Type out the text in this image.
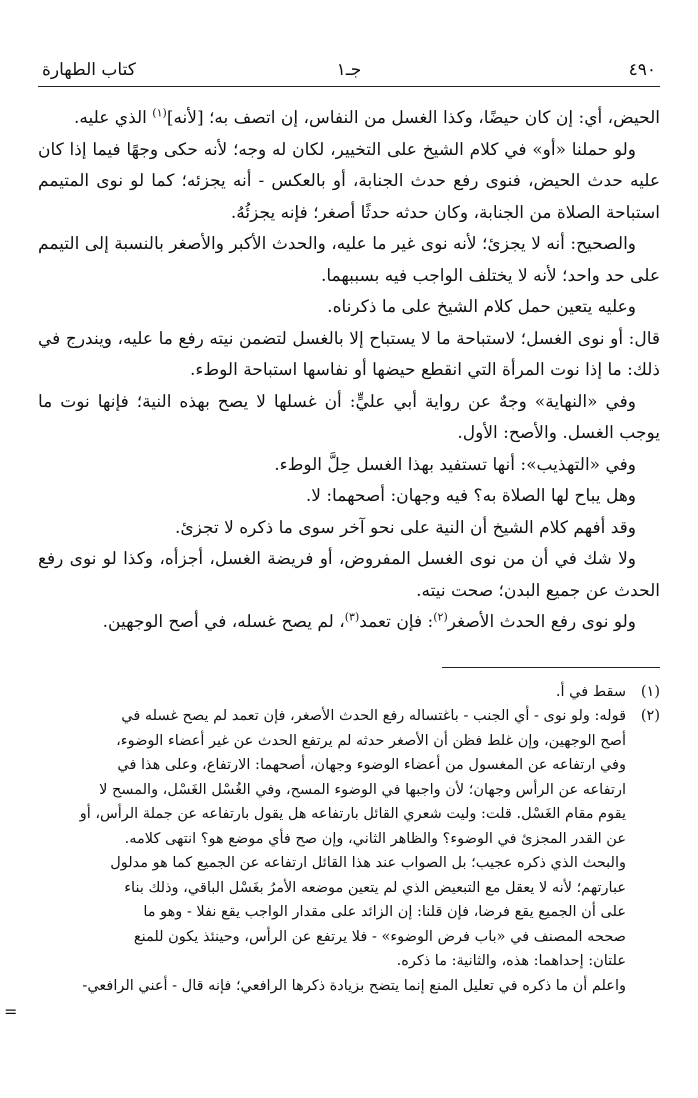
٤٩٠
جـ١
كتاب الطهارة

الحيض، أي: إن كان حيضًا، وكذا الغسل من النفاس، إن اتصف به؛ [لأنه]$^{(١)}$ الذي عليه.

ولو حملنا «أو» في كلام الشيخ على التخيير، لكان له وجه؛ لأنه حكى وجهًا فيما إذا كان عليه حدث الحيض، فنوى رفع حدث الجنابة، أو بالعكس - أنه يجزئه؛ كما لو نوى المتيمم استباحة الصلاة من الجنابة، وكان حدثه حدثًا أصغر؛ فإنه يجزئُهُ.

والصحيح: أنه لا يجزئ؛ لأنه نوى غير ما عليه، والحدث الأكبر والأصغر بالنسبة إلى التيمم على حد واحد؛ لأنه لا يختلف الواجب فيه بسببهما.

وعليه يتعين حمل كلام الشيخ على ما ذكرناه.

قال: أو نوى الغسل؛ لاستباحة ما لا يستباح إلا بالغسل لتضمن نيته رفع ما عليه، ويندرج في ذلك: ما إذا نوت المرأة التي انقطع حيضها أو نفاسها استباحة الوطء.

وفي «النهاية» وجهٌ عن رواية أبي عليٍّ: أن غسلها لا يصح بهذه النية؛ فإنها نوت ما يوجب الغسل. والأصح: الأول.

وفي «التهذيب»: أنها تستفيد بهذا الغسل حِلَّ الوطء.

وهل يباح لها الصلاة به؟ فيه وجهان: أصحهما: لا.

وقد أفهم كلام الشيخ أن النية على نحو آخر سوى ما ذكره لا تجزئ.

ولا شك في أن من نوى الغسل المفروض، أو فريضة الغسل، أجزأه، وكذا لو نوى رفع الحدث عن جميع البدن؛ صحت نيته.

ولو نوى رفع الحدث الأصغر$^{(٢)}$: فإن تعمد$^{(٣)}$، لم يصح غسله، في أصح الوجهين.

(١)
سقط في أ.
(٢)
قوله: ولو نوى - أي الجنب - باغتساله رفع الحدث الأصغر، فإن تعمد لم يصح غسله في
أصح الوجهين، وإن غلط فظن أن الأصغر حدثه لم يرتفع الحدث عن غير أعضاء الوضوء،
وفي ارتفاعه عن المغسول من أعضاء الوضوء وجهان، أصحهما: الارتفاع، وعلى هذا في
ارتفاعه عن الرأس وجهان؛ لأن واجبها في الوضوء المسح، وفي الغُسْل الغَسْل، والمسح لا
يقوم مقام الغَسْل. قلت: وليت شعري القائل بارتفاعه هل يقول بارتفاعه عن جملة الرأس، أو
عن القدر المجزئ في الوضوء؟ والظاهر الثاني، وإن صح فأي موضع هو؟ انتهى كلامه.
والبحث الذي ذكره عجيب؛ بل الصواب عند هذا القائل ارتفاعه عن الجميع كما هو مدلول
عبارتهم؛ لأنه لا يعقل مع التبعيض الذي لم يتعين موضعه الأمرُ بغَسْل الباقي، وذلك بناء
على أن الجميع يقع فرضا، فإن قلنا: إن الزائد على مقدار الواجب يقع نفلا - وهو ما
صححه المصنف في «باب فرض الوضوء» - فلا يرتفع عن الرأس، وحينئذ يكون للمنع
علتان: إحداهما: هذه، والثانية: ما ذكره.
واعلم أن ما ذكره في تعليل المنع إنما يتضح بزيادة ذكرها الرافعي؛ فإنه قال - أعني الرافعي-
=
